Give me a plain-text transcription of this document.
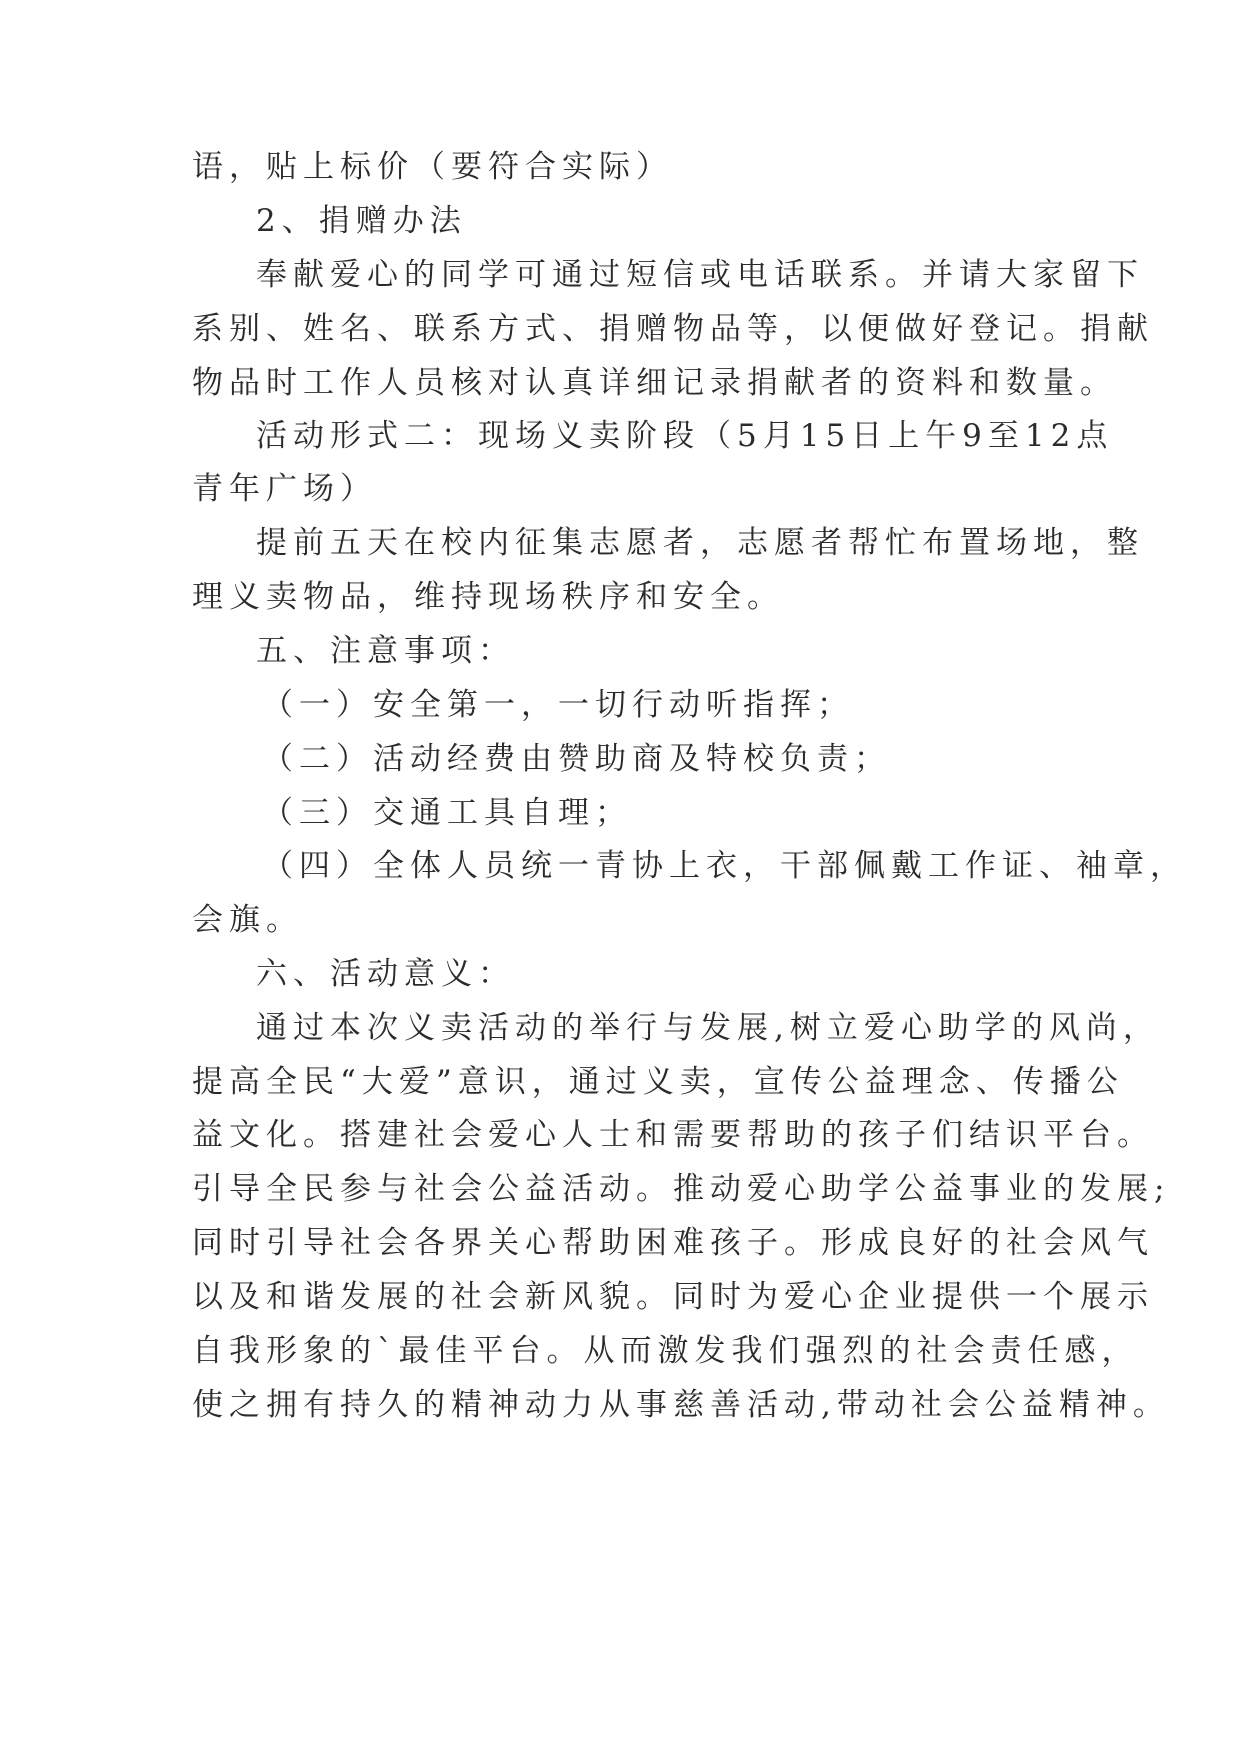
语，贴上标价（要符合实际）
2、捐赠办法
奉献爱心的同学可通过短信或电话联系。并请大家留下
系别、姓名、联系方式、捐赠物品等，以便做好登记。捐献
物品时工作人员核对认真详细记录捐献者的资料和数量。
活动形式二：现场义卖阶段（5月15日上午9至12点
青年广场）
提前五天在校内征集志愿者，志愿者帮忙布置场地，整
理义卖物品，维持现场秩序和安全。
五、注意事项：
（一）安全第一，一切行动听指挥；
（二）活动经费由赞助商及特校负责；
（三）交通工具自理；
（四）全体人员统一青协上衣，干部佩戴工作证、袖章，
会旗。
六、活动意义：
通过本次义卖活动的举行与发展,树立爱心助学的风尚，
提高全民“大爱”意识，通过义卖，宣传公益理念、传播公
益文化。搭建社会爱心人士和需要帮助的孩子们结识平台。
引导全民参与社会公益活动。推动爱心助学公益事业的发展;
同时引导社会各界关心帮助困难孩子。形成良好的社会风气
以及和谐发展的社会新风貌。同时为爱心企业提供一个展示
自我形象的`最佳平台。从而激发我们强烈的社会责任感，
使之拥有持久的精神动力从事慈善活动,带动社会公益精神。
